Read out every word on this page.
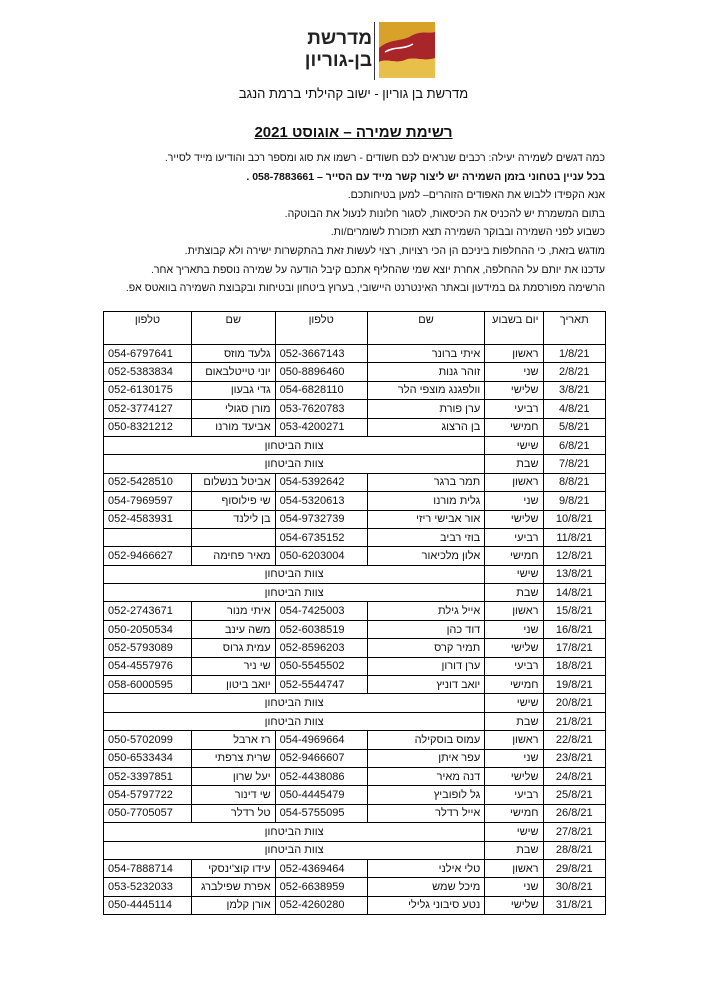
מדרשת
בן-גוריון
מדרשת בן גוריון - ישוב קהילתי ברמת הנגב
רשימת שמירה – אוגוסט 2021
כמה דגשים לשמירה יעילה: רכבים שנראים לכם חשודים - רשמו את סוג ומספר רכב והודיעו מייד לסייר.
בכל עניין בטחוני בזמן השמירה יש ליצור קשר מייד עם הסייר – 058-7883661 .
אנא הקפידו ללבוש את האפודים הזוהרים– למען בטיחותכם.
בתום המשמרת יש להכניס את הכיסאות, לסגור חלונות לנעול את הבוטקה.
כשבוע לפני השמירה ובבוקר השמירה תצא תזכורת לשומרים/ות.
מודגש בזאת, כי ההחלפות ביניכם הן הכי רצויות, רצוי לעשות זאת בהתקשרות ישירה ולא קבוצתית.
עדכנו את יותם על ההחלפה, אחרת יוצא שמי שהחליף אתכם קיבל הודעה על שמירה נוספת בתאריך אחר.
הרשימה מפורסמת גם במידעון ובאתר האינטרנט היישובי, בערוץ ביטחון ובטיחות ובקבוצת השמירה בוואטס אפ.
תאריך	יום בשבוע	שם	טלפון	שם	טלפון
1/8/21	ראשון	איתי ברונר	052-3667143	גלעד מוזס	054-6797641
2/8/21	שני	זוהר גנות	050-8896460	יוני טייטלבאום	052-5383834
3/8/21	שלישי	וולפגנג מוצפי הלר	054-6828110	גדי גבעון	052-6130175
4/8/21	רביעי	ערן פורת	053-7620783	מורן סגולי	052-3774127
5/8/21	חמישי	בן הרצוג	053-4200271	אביעד מורנו	050-8321212
6/8/21	שישי	צוות הביטחון			
7/8/21	שבת	צוות הביטחון			
8/8/21	ראשון	תמר ברגר	054-5392642	אביטל בנשלום	052-5428510
9/8/21	שני	גלית מורנו	054-5320613	שי פילוסוף	054-7969597
10/8/21	שלישי	אור אבישי ריזי	054-9732739	בן לילנד	052-4583931
11/8/21	רביעי	בוזי רביב	054-6735152		
12/8/21	חמישי	אלון מלכיאור	050-6203004	מאיר פחימה	052-9466627
13/8/21	שישי	צוות הביטחון			
14/8/21	שבת	צוות הביטחון			
15/8/21	ראשון	אייל גילת	054-7425003	איתי מנור	052-2743671
16/8/21	שני	דוד כהן	052-6038519	משה עינב	050-2050534
17/8/21	שלישי	תמיר קרס	052-8596203	עמית גרוס	052-5793089
18/8/21	רביעי	ערן דורון	050-5545502	שי ניר	054-4557976
19/8/21	חמישי	יואב דוניץ	052-5544747	יואב ביטון	058-6000595
20/8/21	שישי	צוות הביטחון			
21/8/21	שבת	צוות הביטחון			
22/8/21	ראשון	עמוס בוסקילה	054-4969664	רז ארבל	050-5702099
23/8/21	שני	עפר איתן	052-9466607	שרית צרפתי	050-6533434
24/8/21	שלישי	דנה מאיר	052-4438086	יעל שרון	052-3397851
25/8/21	רביעי	גל לופוביץ	050-4445479	שי דינור	054-5797722
26/8/21	חמישי	אייל רדלר	054-5755095	טל רדלר	050-7705057
27/8/21	שישי	צוות הביטחון			
28/8/21	שבת	צוות הביטחון			
29/8/21	ראשון	טלי אילני	052-4369464	עידו קוצ'ינסקי	054-7888714
30/8/21	שני	מיכל שמש	052-6638959	אפרת שפילברג	053-5232033
31/8/21	שלישי	נטע סיבוני גלילי	052-4260280	אורן קלמן	050-4445114
